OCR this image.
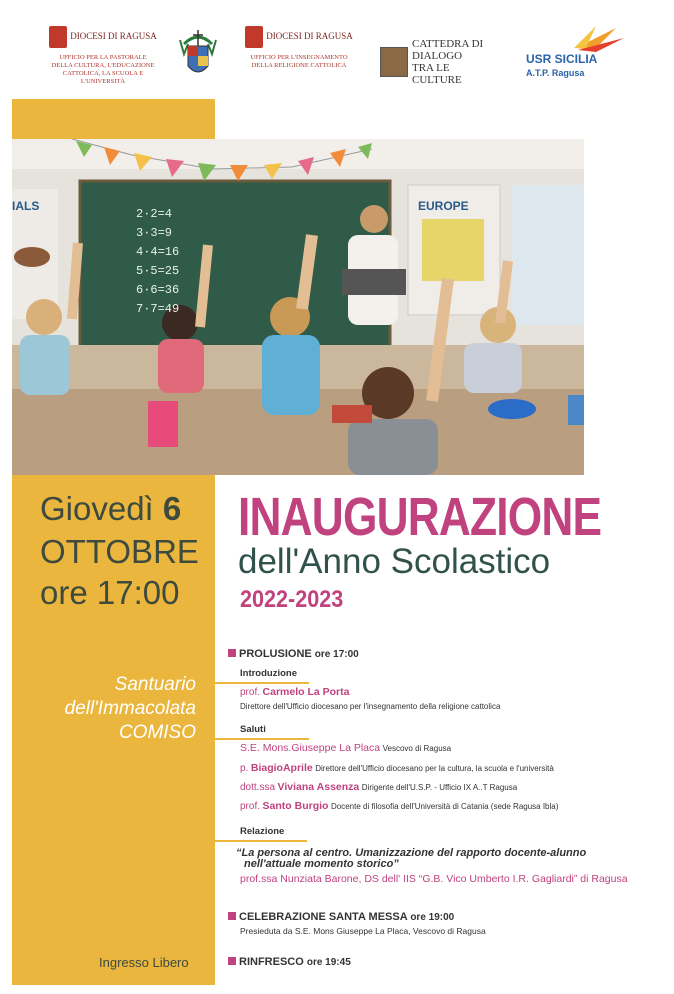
DIOCESI DI RAGUSA
UFFICIO PER LA PASTORALE DELLA CULTURA, L'EDUCAZIONE CATTOLICA, LA SCUOLA E L'UNIVERSITÀ
DIOCESI DI RAGUSA
UFFICIO PER L'INSEGNAMENTO DELLA RELIGIONE CATTOLICA
CATTEDRA DI DIALOGO TRA LE CULTURE
USR SICILIA
A.T.P. Ragusa
IALS	EUROPE
2·2=4
3·3=9
4·4=16
5·5=25
6·6=36
7·7=49
Giovedì 6
OTTOBRE
ore 17:00
INAUGURAZIONE
dell'Anno Scolastico
2022-2023
Santuario
dell'Immacolata
COMISO
PROLUSIONE ore 17:00
Introduzione
prof. Carmelo La Porta
Direttore dell'Ufficio diocesano per l'insegnamento della religione cattolica
Saluti
S.E. Mons.Giuseppe La Placa Vescovo di Ragusa
p. BiagioAprile Direttore dell'Ufficio diocesano per la cultura, la scuola e l'università
dott.ssa Viviana Assenza Dirigente dell'U.S.P. - Ufficio IX A..T Ragusa
prof. Santo Burgio Docente di filosofia dell'Università di Catania (sede Ragusa Ibla)
Relazione
“La persona al centro. Umanizzazione del rapporto docente-alunno
nell'attuale momento storico”
prof.ssa Nunziata Barone, DS dell' IIS “G.B. Vico Umberto I.R. Gagliardi” di Ragusa
CELEBRAZIONE SANTA MESSA ore 19:00
Presieduta da S.E. Mons Giuseppe La Placa, Vescovo di Ragusa
RINFRESCO ore 19:45
Ingresso Libero
